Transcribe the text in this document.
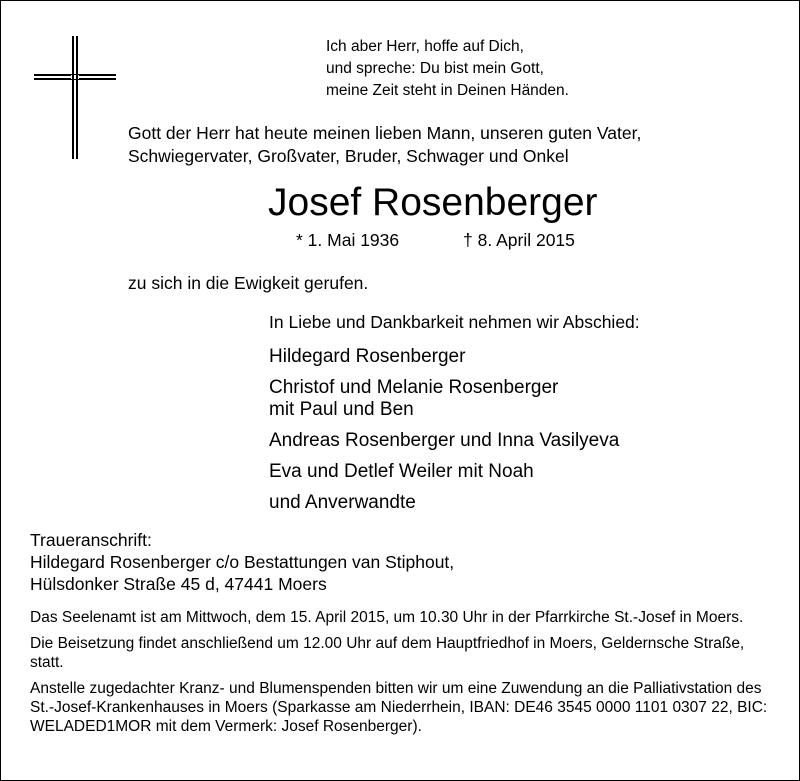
Ich aber Herr, hoffe auf Dich,
und spreche: Du bist mein Gott,
meine Zeit steht in Deinen Händen.
Gott der Herr hat heute meinen lieben Mann, unseren guten Vater,
Schwiegervater, Großvater, Bruder, Schwager und Onkel
Josef Rosenberger
* 1. Mai 1936	† 8. April 2015
zu sich in die Ewigkeit gerufen.
In Liebe und Dankbarkeit nehmen wir Abschied:
Hildegard Rosenberger
Christof und Melanie Rosenberger
mit Paul und Ben
Andreas Rosenberger und Inna Vasilyeva
Eva und Detlef Weiler mit Noah
und Anverwandte
Traueranschrift:
Hildegard Rosenberger c/o Bestattungen van Stiphout,
Hülsdonker Straße 45 d, 47441 Moers

Das Seelenamt ist am Mittwoch, dem 15. April 2015, um 10.30 Uhr in der Pfarrkirche St.-Josef in Moers.

Die Beisetzung findet anschließend um 12.00 Uhr auf dem Hauptfriedhof in Moers, Geldernsche Straße, statt.

Anstelle zugedachter Kranz- und Blumenspenden bitten wir um eine Zuwendung an die Palliativstation des St.-Josef-Krankenhauses in Moers (Sparkasse am Niederrhein, IBAN: DE46 3545 0000 1101 0307 22, BIC: WELADED1MOR mit dem Vermerk: Josef Rosenberger).
